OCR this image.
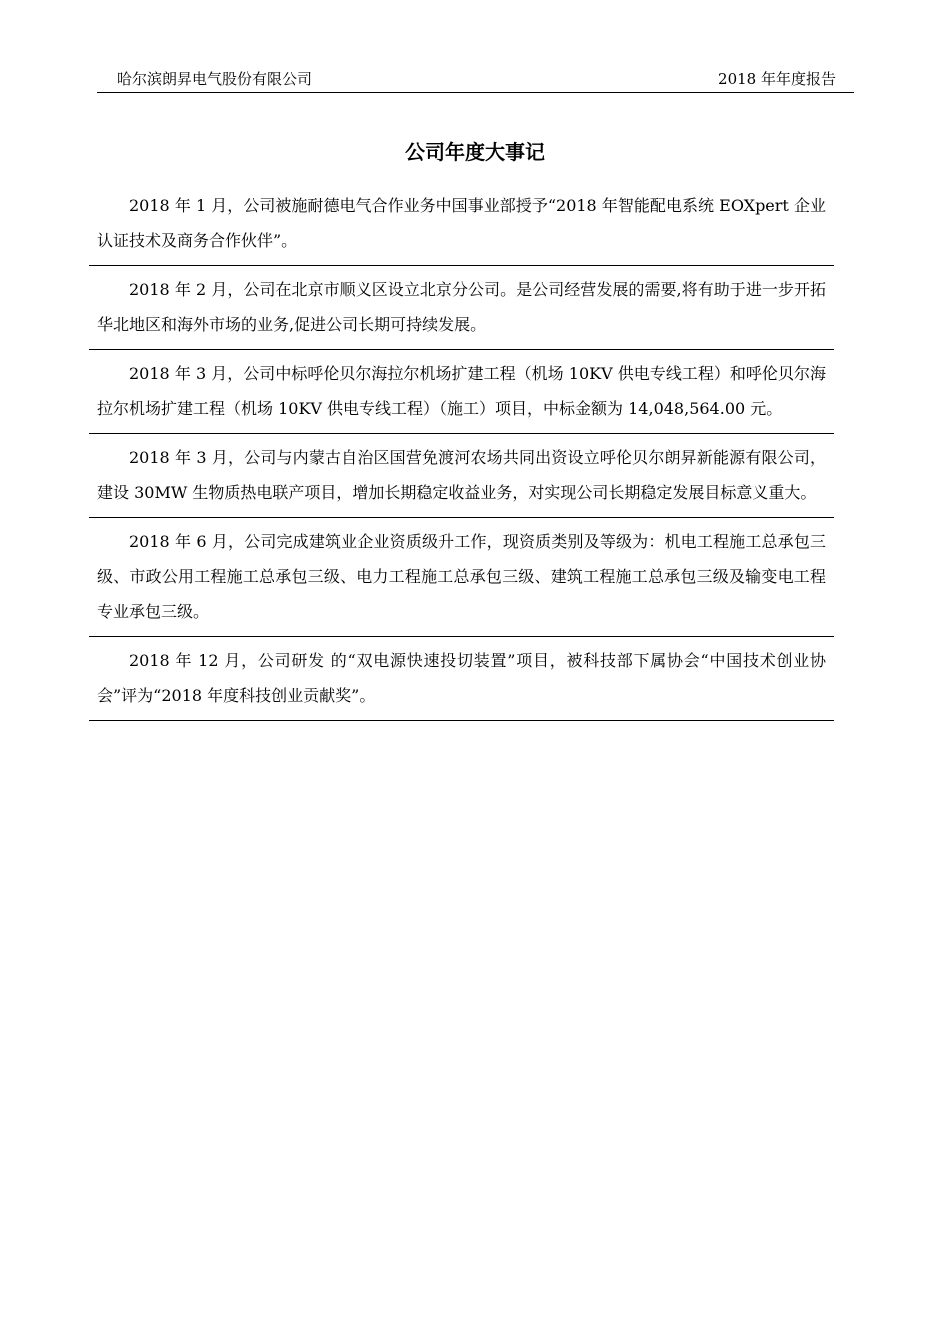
哈尔滨朗昇电气股份有限公司	2018 年年度报告
公司年度大事记
2018 年 1 月，公司被施耐德电气合作业务中国事业部授予“2018 年智能配电系统 EOXpert 企业认证技术及商务合作伙伴”。
2018 年 2 月，公司在北京市顺义区设立北京分公司。是公司经营发展的需要,将有助于进一步开拓华北地区和海外市场的业务,促进公司长期可持续发展。
2018 年 3 月，公司中标呼伦贝尔海拉尔机场扩建工程（机场 10KV 供电专线工程）和呼伦贝尔海拉尔机场扩建工程（机场 10KV 供电专线工程）（施工）项目，中标金额为 14,048,564.00 元。
2018 年 3 月，公司与内蒙古自治区国营免渡河农场共同出资设立呼伦贝尔朗昇新能源有限公司，建设 30MW 生物质热电联产项目，增加长期稳定收益业务，对实现公司长期稳定发展目标意义重大。
2018 年 6 月，公司完成建筑业企业资质级升工作，现资质类别及等级为：机电工程施工总承包三级、市政公用工程施工总承包三级、电力工程施工总承包三级、建筑工程施工总承包三级及输变电工程专业承包三级。
2018 年 12 月，公司研发 的“双电源快速投切装置”项目，被科技部下属协会“中国技术创业协会”评为“2018 年度科技创业贡献奖”。
